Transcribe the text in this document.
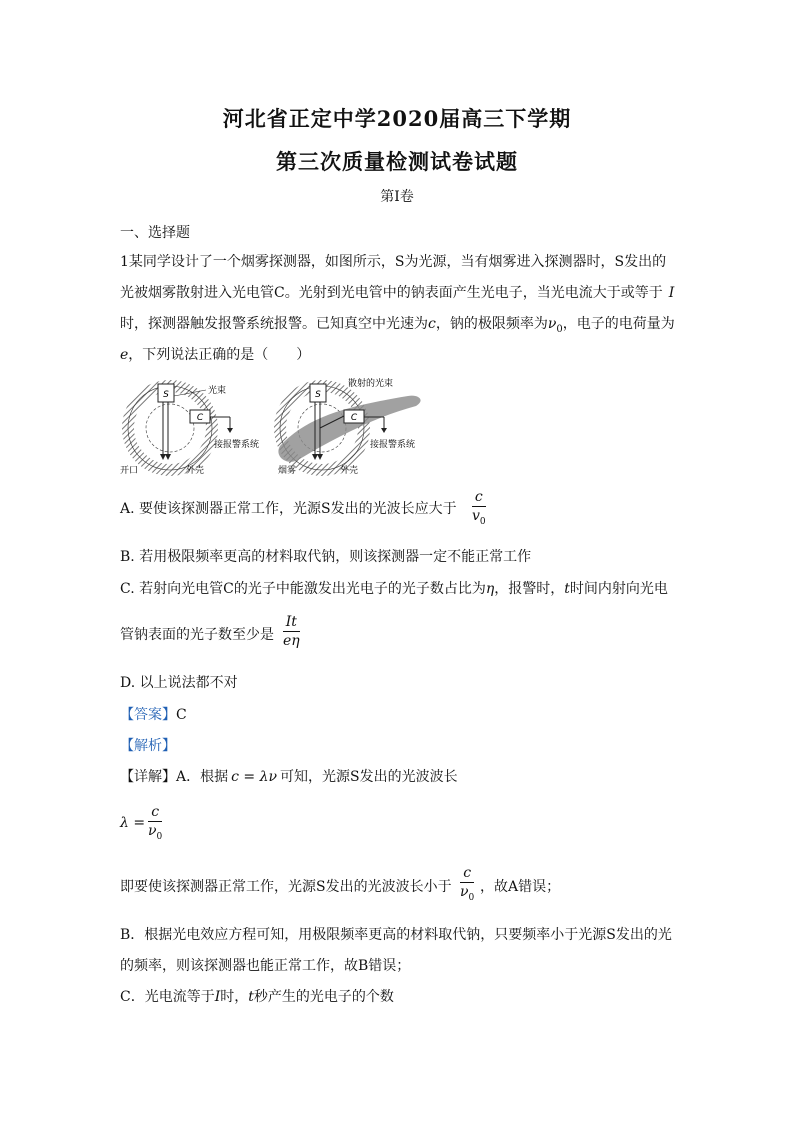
河北省正定中学2020届高三下学期
第三次质量检测试卷试题
第I卷
一、选择题
1某同学设计了一个烟雾探测器，如图所示，S为光源，当有烟雾进入探测器时，S发出的
光被烟雾散射进入光电管C。光射到光电管中的钠表面产生光电子，当光电流大于或等于 I
时，探测器触发报警系统报警。已知真空中光速为c，钠的极限频率为$\nu_0$，电子的电荷量为
e，下列说法正确的是（　　）
S
C
光束
接报警系统
开口	外壳
S
C
散射的光束
接报警系统
烟雾	外壳
A. 要使该探测器正常工作，光源S发出的光波长应大于
c
$v_0$
B. 若用极限频率更高的材料取代钠，则该探测器一定不能正常工作
C. 若射向光电管C的光子中能激发出光电子的光子数占比为η，报警时，t时间内射向光电
管钠表面的光子数至少是
It
eη
D. 以上说法都不对
【答案】C
【解析】
【详解】A．根据 c = λν 可知，光源S发出的光波波长
λ =
c
$\nu_0$
即要使该探测器正常工作，光源S发出的光波波长小于
c
$\nu_0$
，故A错误；
B．根据光电效应方程可知，用极限频率更高的材料取代钠，只要频率小于光源S发出的光
的频率，则该探测器也能正常工作，故B错误；
C．光电流等于I时，t秒产生的光电子的个数
